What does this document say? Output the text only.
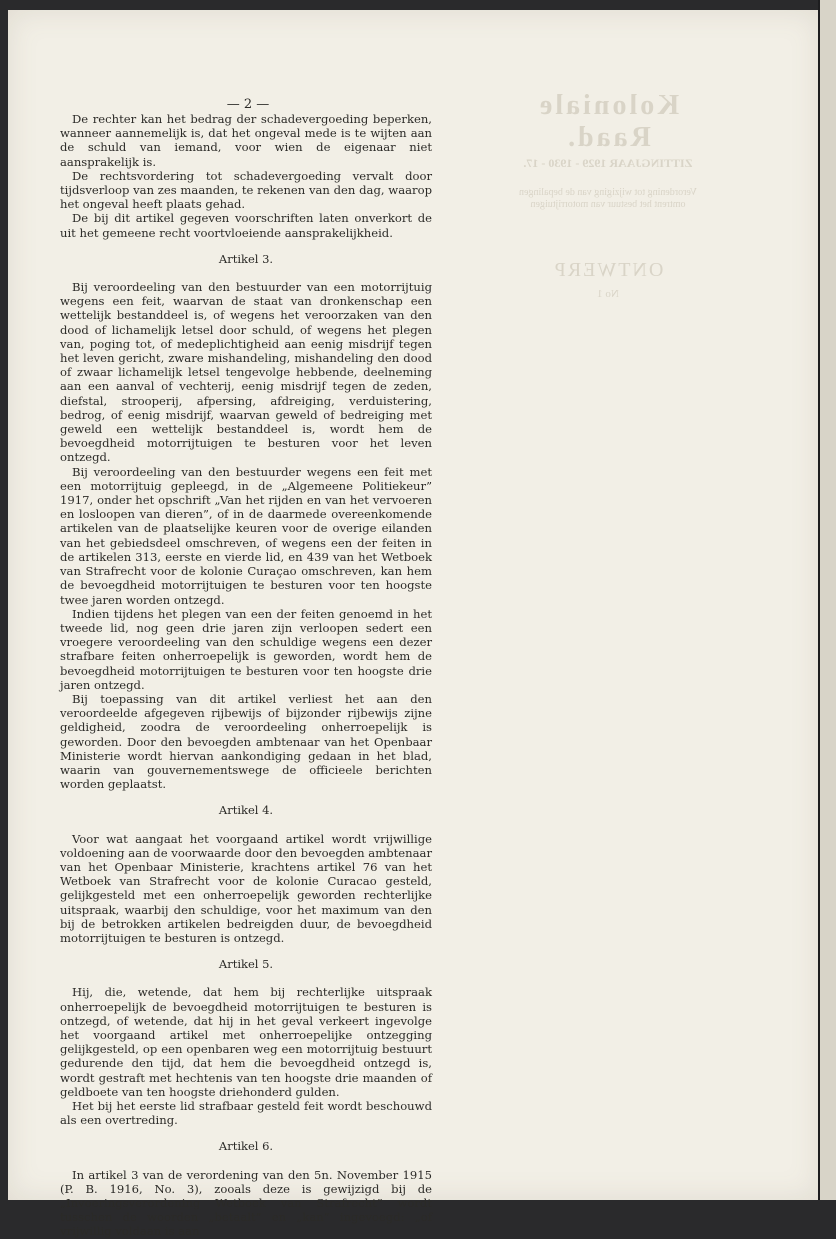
Koloniale Raad.
ZITTINGJAAR 1929 - 1930 - 17.
Verordening tot wijziging van de bepalingen omtrent het bestuur van motorrijtuigen
ONTWERP
No 1
— 2 —

De rechter kan het bedrag der schadevergoeding beperken, wanneer aannemelijk is, dat het ongeval mede is te wijten aan de schuld van iemand, voor wien de eigenaar niet aansprakelijk is.

De rechtsvordering tot schadevergoeding vervalt door tijdsverloop van zes maanden, te rekenen van den dag, waarop het ongeval heeft plaats gehad.

De bij dit artikel gegeven voorschriften laten onverkort de uit het gemeene recht voortvloeiende aansprakelijkheid.

Artikel 3.

Bij veroordeeling van den bestuurder van een motorrijtuig wegens een feit, waarvan de staat van dronkenschap een wettelijk bestanddeel is, of wegens het veroorzaken van den dood of lichamelijk letsel door schuld, of wegens het plegen van, poging tot, of medeplichtigheid aan eenig misdrijf tegen het leven gericht, zware mishandeling, mishandeling den dood of zwaar lichamelijk letsel tengevolge hebbende, deelneming aan een aanval of vechterij, eenig misdrijf tegen de zeden, diefstal, strooperij, afpersing, afdreiging, verduistering, bedrog, of eenig misdrijf, waarvan geweld of bedreiging met geweld een wettelijk bestanddeel is, wordt hem de bevoegdheid motorrijtuigen te besturen voor het leven ontzegd.

Bij veroordeeling van den bestuurder wegens een feit met een motorrijtuig gepleegd, in de „Algemeene Politiekeur” 1917, onder het opschrift „Van het rijden en van het vervoeren en losloopen van dieren”, of in de daarmede overeenkomende artikelen van de plaatselijke keuren voor de overige eilanden van het gebiedsdeel omschreven, of wegens een der feiten in de artikelen 313, eerste en vierde lid, en 439 van het Wetboek van Strafrecht voor de kolonie Curaçao omschreven, kan hem de bevoegdheid motorrijtuigen te besturen voor ten hoogste twee jaren worden ontzegd.

Indien tijdens het plegen van een der feiten genoemd in het tweede lid, nog geen drie jaren zijn verloopen sedert een vroegere veroordeeling van den schuldige wegens een dezer strafbare feiten onherroepelijk is geworden, wordt hem de bevoegdheid motorrijtuigen te besturen voor ten hoogste drie jaren ontzegd.

Bij toepassing van dit artikel verliest het aan den veroordeelde afgegeven rijbewijs of bijzonder rijbewijs zijne geldigheid, zoodra de veroordeeling onherroepelijk is geworden. Door den bevoegden ambtenaar van het Openbaar Ministerie wordt hiervan aankondiging gedaan in het blad, waarin van gouvernementswege de officieele berichten worden geplaatst.

Artikel 4.

Voor wat aangaat het voorgaand artikel wordt vrijwillige voldoening aan de voorwaarde door den bevoegden ambtenaar van het Openbaar Ministerie, krachtens artikel 76 van het Wetboek van Strafrecht voor de kolonie Curacao gesteld, gelijkgesteld met een onherroepelijk geworden rechterlijke uitspraak, waarbij den schuldige, voor het maximum van den bij de betrokken artikelen bedreigden duur, de bevoegdheid motorrijtuigen te besturen is ontzegd.

Artikel 5.

Hij, die, wetende, dat hem bij rechterlijke uitspraak onherroepelijk de bevoegdheid motorrijtuigen te besturen is ontzegd, of wetende, dat hij in het geval verkeert ingevolge het voorgaand artikel met onherroepelijke ontzegging gelijkgesteld, op een openbaren weg een motorrijtuig bestuurt gedurende den tijd, dat hem die bevoegdheid ontzegd is, wordt gestraft met hechtenis van ten hoogste drie maanden of geldboete van ten hoogste driehonderd gulden.

Het bij het eerste lid strafbaar gesteld feit wordt beschouwd als een overtreding.

Artikel 6.

In artikel 3 van de verordening van den 5n. November 1915 (P. B. 1916, No. 3), zooals deze is gewijzigd bij de „Invoeringsverordening Wetboek van Strafrecht” wordt tusschen de woorden „betaalt” en „kan” ingevoegd: „of vrijwillig voldaan is aan
